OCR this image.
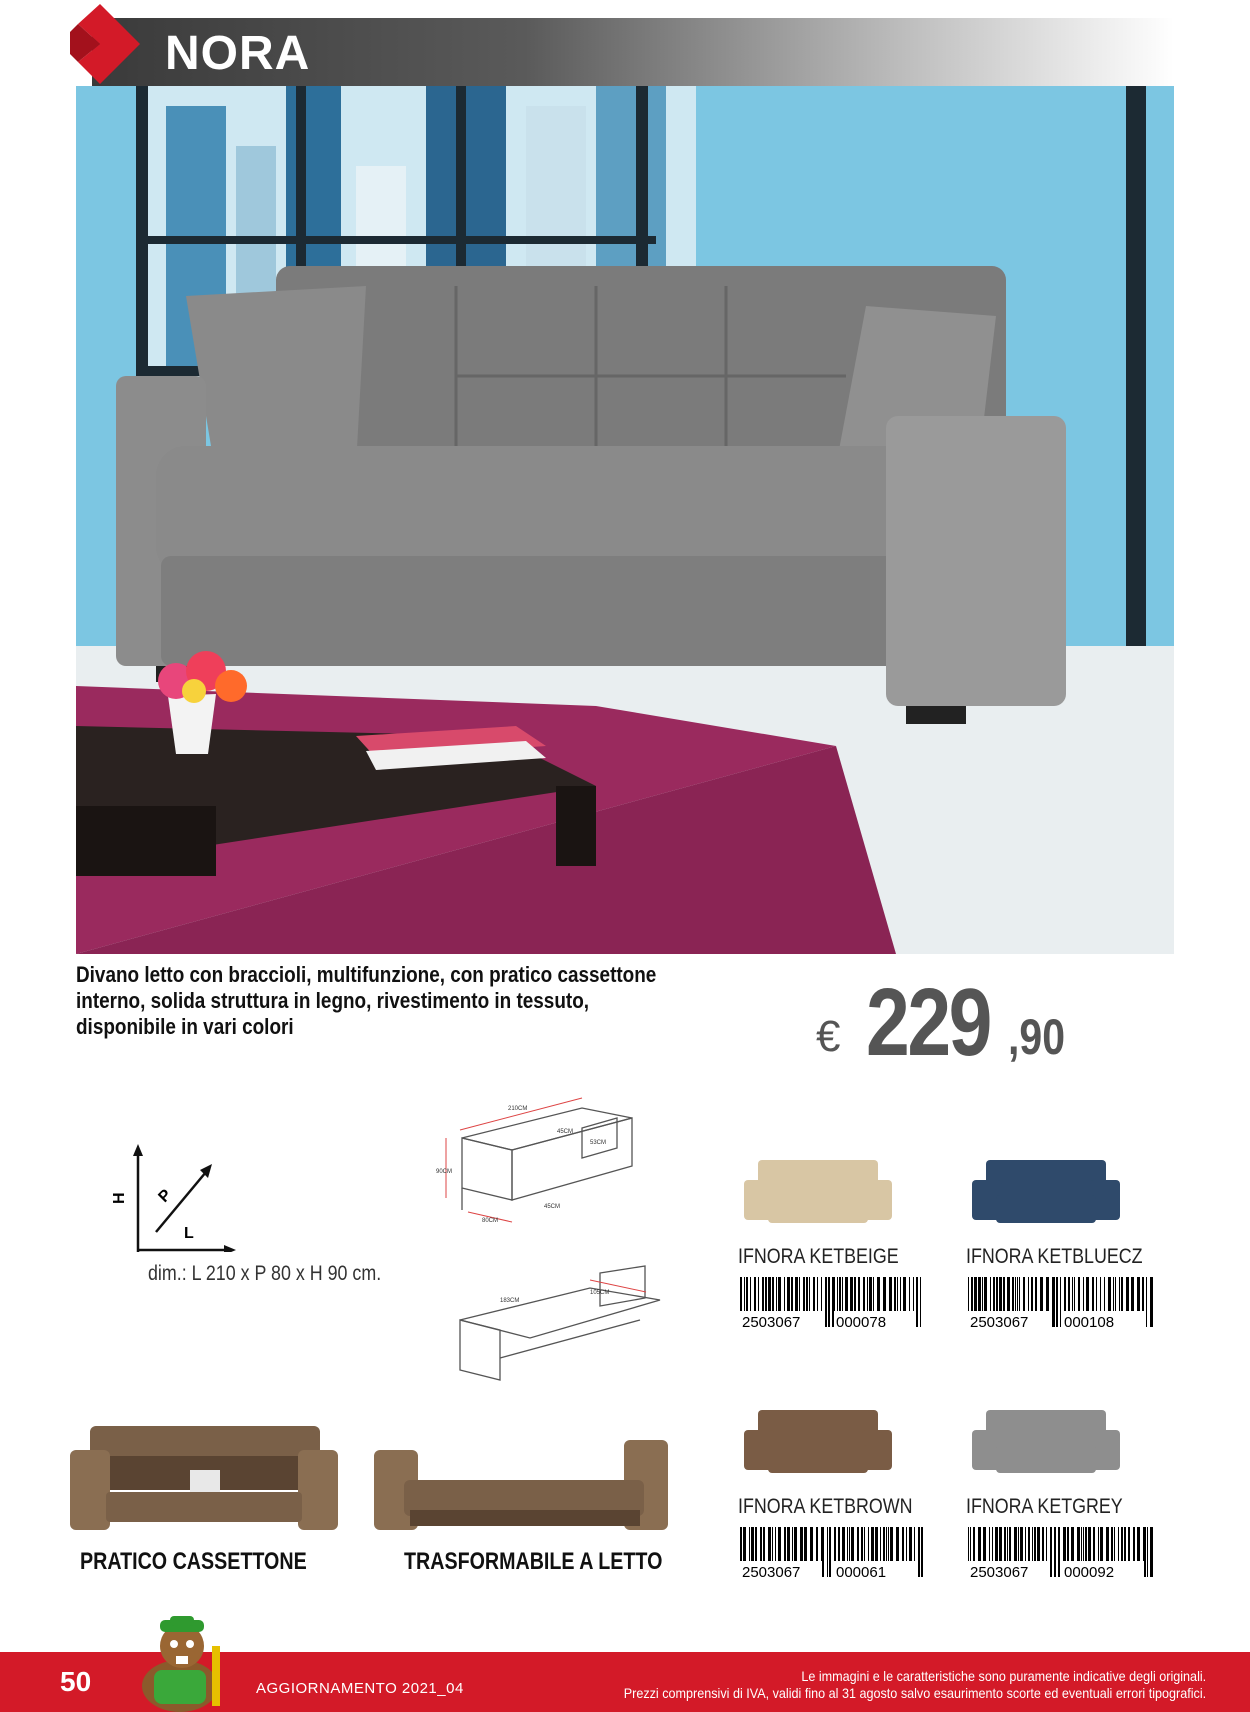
NORA
Divano letto con braccioli, multifunzione, con pratico cassettone
interno, solida struttura in legno, rivestimento in tessuto,
disponibile in vari colori	€ 229 ,90
H P
L
dim.: L 210 x P 80 x H 90 cm.
210CM
45CM
53CM
90CM
80CM
45CM
183CM
105CM
IFNORA KETBEIGE
2503067 000078
IFNORA KETBLUECZ
2503067 000108
IFNORA KETBROWN
2503067 000061
IFNORA KETGREY
2503067 000092
PRATICO CASSETTONE	TRASFORMABILE A LETTO
50	AGGIORNAMENTO 2021_04
Le immagini e le caratteristiche sono puramente indicative degli originali.
Prezzi comprensivi di IVA, validi fino al 31 agosto salvo esaurimento scorte ed eventuali errori tipografici.
